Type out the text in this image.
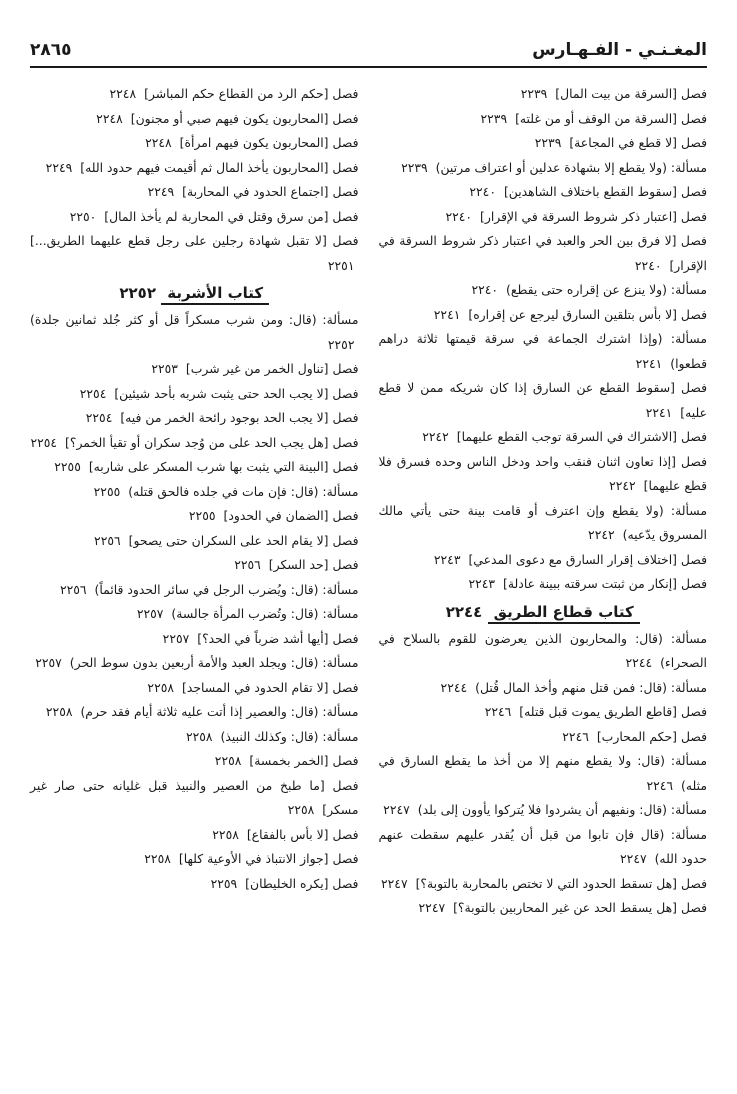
٢٨٦٥	المغـنـي - الفـهـارس
فصل [السرقة من بيت المال] ٢٢٣٩
فصل [السرقة من الوقف أو من غلته] ٢٢٣٩
فصل [لا قطع في المجاعة] ٢٢٣٩
مسألة: (ولا يقطع إلا بشهادة عدلين أو اعتراف مرتين) ٢٢٣٩
فصل [سقوط القطع باختلاف الشاهدين] ٢٢٤٠
فصل [اعتبار ذكر شروط السرقة في الإقرار] ٢٢٤٠
فصل [لا فرق بين الحر والعبد في اعتبار ذكر شروط السرقة في الإقرار] ٢٢٤٠
مسألة: (ولا ينزع عن إقراره حتى يقطع) ٢٢٤٠
فصل [لا بأس بتلقين السارق ليرجع عن إقراره] ٢٢٤١
مسألة: (وإذا اشترك الجماعة في سرقة قيمتها ثلاثة دراهم قطعوا) ٢٢٤١
فصل [سقوط القطع عن السارق إذا كان شريكه ممن لا قطع عليه] ٢٢٤١
فصل [الاشتراك في السرقة توجب القطع عليهما] ٢٢٤٢
فصل [إذا تعاون اثنان فنقب واحد ودخل الناس وحده فسرق فلا قطع عليهما] ٢٢٤٢
مسألة: (ولا يقطع وإن اعترف أو قامت بينة حتى يأتي مالك المسروق يدّعيه) ٢٢٤٢
فصل [اختلاف إقرار السارق مع دعوى المدعي] ٢٢٤٣
فصل [إنكار من ثبتت سرقته ببينة عادلة] ٢٢٤٣
كتاب قطاع الطريق ٢٢٤٤
مسألة: (قال: والمحاربون الذين يعرضون للقوم بالسلاح في الصحراء) ٢٢٤٤
مسألة: (قال: فمن قتل منهم وأخذ المال قُتل) ٢٢٤٤
فصل [قاطع الطريق يموت قبل قتله] ٢٢٤٦
فصل [حكم المحارب] ٢٢٤٦
مسألة: (قال: ولا يقطع منهم إلا من أخذ ما يقطع السارق في مثله) ٢٢٤٦
مسألة: (قال: ونفيهم أن يشردوا فلا يُتركوا يأوون إلى بلد) ٢٢٤٧
مسألة: (قال فإن تابوا من قبل أن يُقدر عليهم سقطت عنهم حدود الله) ٢٢٤٧
فصل [هل تسقط الحدود التي لا تختص بالمحاربة بالتوبة؟] ٢٢٤٧
فصل [هل يسقط الحد عن غير المحاربين بالتوبة؟] ٢٢٤٧
فصل [حكم الرد من القطاع حكم المباشر] ٢٢٤٨
فصل [المحاربون يكون فيهم صبي أو مجنون] ٢٢٤٨
فصل [المحاربون يكون فيهم امرأة] ٢٢٤٨
فصل [المحاربون يأخذ المال ثم أقيمت فيهم حدود الله] ٢٢٤٩
فصل [اجتماع الحدود في المحاربة] ٢٢٤٩
فصل [من سرق وقتل في المحاربة لم يأخذ المال] ٢٢٥٠
فصل [لا تقبل شهادة رجلين على رجل قطع عليهما الطريق...] ٢٢٥١
كتاب الأشربة ٢٢٥٢
مسألة: (قال: ومن شرب مسكراً قل أو كثر جُلد ثمانين جلدة) ٢٢٥٢
فصل [تناول الخمر من غير شرب] ٢٢٥٣
فصل [لا يجب الحد حتى يثبت شربه بأحد شيئين] ٢٢٥٤
فصل [لا يجب الحد بوجود رائحة الخمر من فيه] ٢٢٥٤
فصل [هل يجب الحد على من وُجد سكران أو تقيأ الخمر؟] ٢٢٥٤
فصل [البينة التي يثبت بها شرب المسكر على شاربه] ٢٢٥٥
مسألة: (قال: فإن مات في جلده فالحق قتله) ٢٢٥٥
فصل [الضمان في الحدود] ٢٢٥٥
فصل [لا يقام الحد على السكران حتى يصحو] ٢٢٥٦
فصل [حد السكر] ٢٢٥٦
مسألة: (قال: ويُضرب الرجل في سائر الحدود قائماً) ٢٢٥٦
مسألة: (قال: وتُضرب المرأة جالسة) ٢٢٥٧
فصل [أيها أشد ضرباً في الحد؟] ٢٢٥٧
مسألة: (قال: ويجلد العبد والأمة أربعين بدون سوط الحر) ٢٢٥٧
فصل [لا تقام الحدود في المساجد] ٢٢٥٨
مسألة: (قال: والعصير إذا أتت عليه ثلاثة أيام فقد حرم) ٢٢٥٨
مسألة: (قال: وكذلك النبيذ) ٢٢٥٨
فصل [الخمر بخمسة] ٢٢٥٨
فصل [ما طبخ من العصير والنبيذ قبل غليانه حتى صار غير مسكر] ٢٢٥٨
فصل [لا بأس بالفقاع] ٢٢٥٨
فصل [جواز الانتباذ في الأوعية كلها] ٢٢٥٨
فصل [يكره الخليطان] ٢٢٥٩
